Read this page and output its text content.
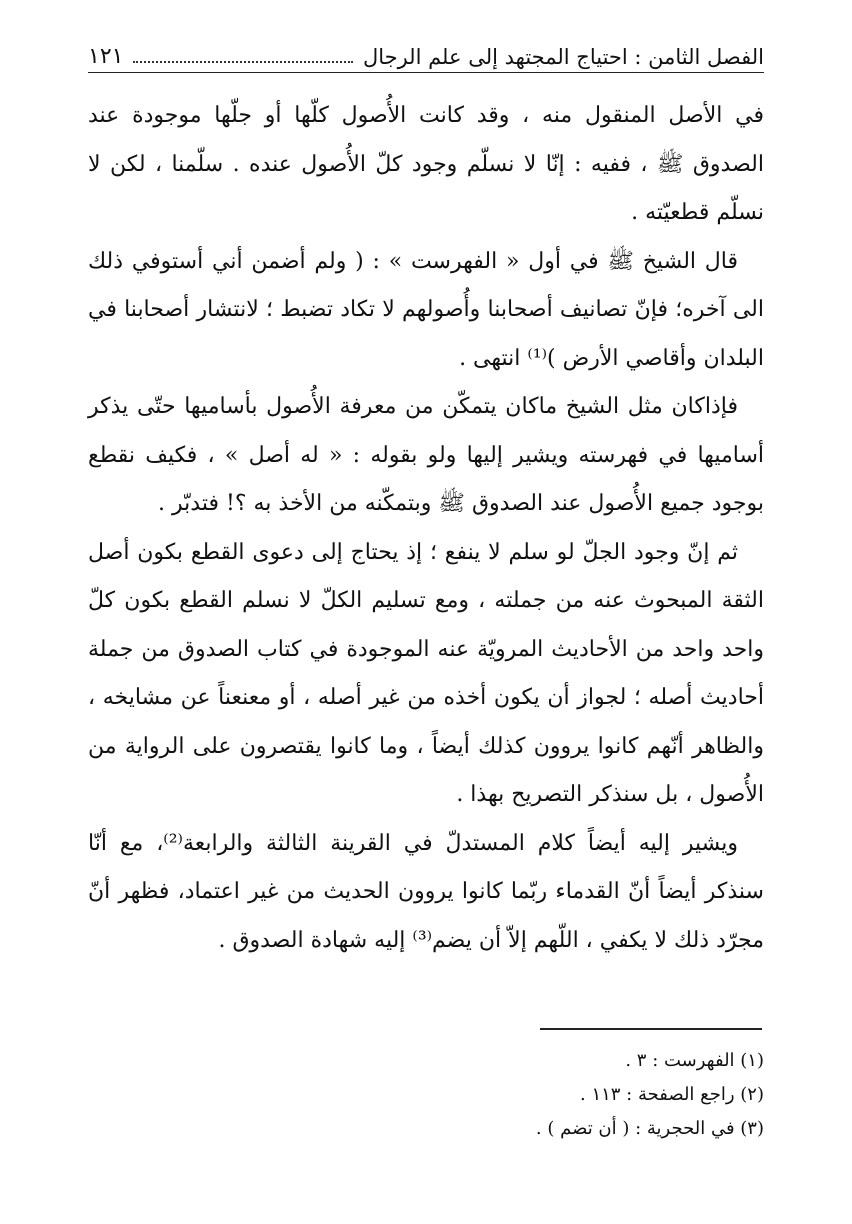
الفصل الثامن : احتياج المجتهد إلى علم الرجال
١٢١

في الأصل المنقول منه ، وقد كانت الأُصول كلّها أو جلّها موجودة عند الصدوق ﷺ ، ففيه : إنّا لا نسلّم وجود كلّ الأُصول عنده . سلّمنا ، لكن لا نسلّم قطعيّته .

قال الشيخ ﷺ في أول « الفهرست » : ( ولم أضمن أني أستوفي ذلك الى آخره؛ فإنّ تصانيف أصحابنا وأُصولهم لا تكاد تضبط ؛ لانتشار أصحابنا في البلدان وأقاصي الأرض )⁽¹⁾ انتهى .

فإذاكان مثل الشيخ ماكان يتمكّن من معرفة الأُصول بأساميها حتّى يذكر أساميها في فهرسته ويشير إليها ولو بقوله : « له أصل » ، فكيف نقطع بوجود جميع الأُصول عند الصدوق ﷺ وبتمكّنه من الأخذ به ؟! فتدبّر .

ثم إنّ وجود الجلّ لو سلم لا ينفع ؛ إذ يحتاج إلى دعوى القطع بكون أصل الثقة المبحوث عنه من جملته ، ومع تسليم الكلّ لا نسلم القطع بكون كلّ واحد واحد من الأحاديث المرويّة عنه الموجودة في كتاب الصدوق من جملة أحاديث أصله ؛ لجواز أن يكون أخذه من غير أصله ، أو معنعناً عن مشايخه ، والظاهر أنّهم كانوا يروون كذلك أيضاً ، وما كانوا يقتصرون على الرواية من الأُصول ، بل سنذكر التصريح بهذا .

ويشير إليه أيضاً كلام المستدلّ في القرينة الثالثة والرابعة⁽²⁾، مع أنّا سنذكر أيضاً أنّ القدماء ربّما كانوا يروون الحديث من غير اعتماد، فظهر أنّ مجرّد ذلك لا يكفي ، اللّهم إلاّ أن يضم⁽³⁾ إليه شهادة الصدوق .

(١) الفهرست : ٣ .

(٢) راجع الصفحة : ١١٣ .

(٣) في الحجرية : ( أن تضم ) .
